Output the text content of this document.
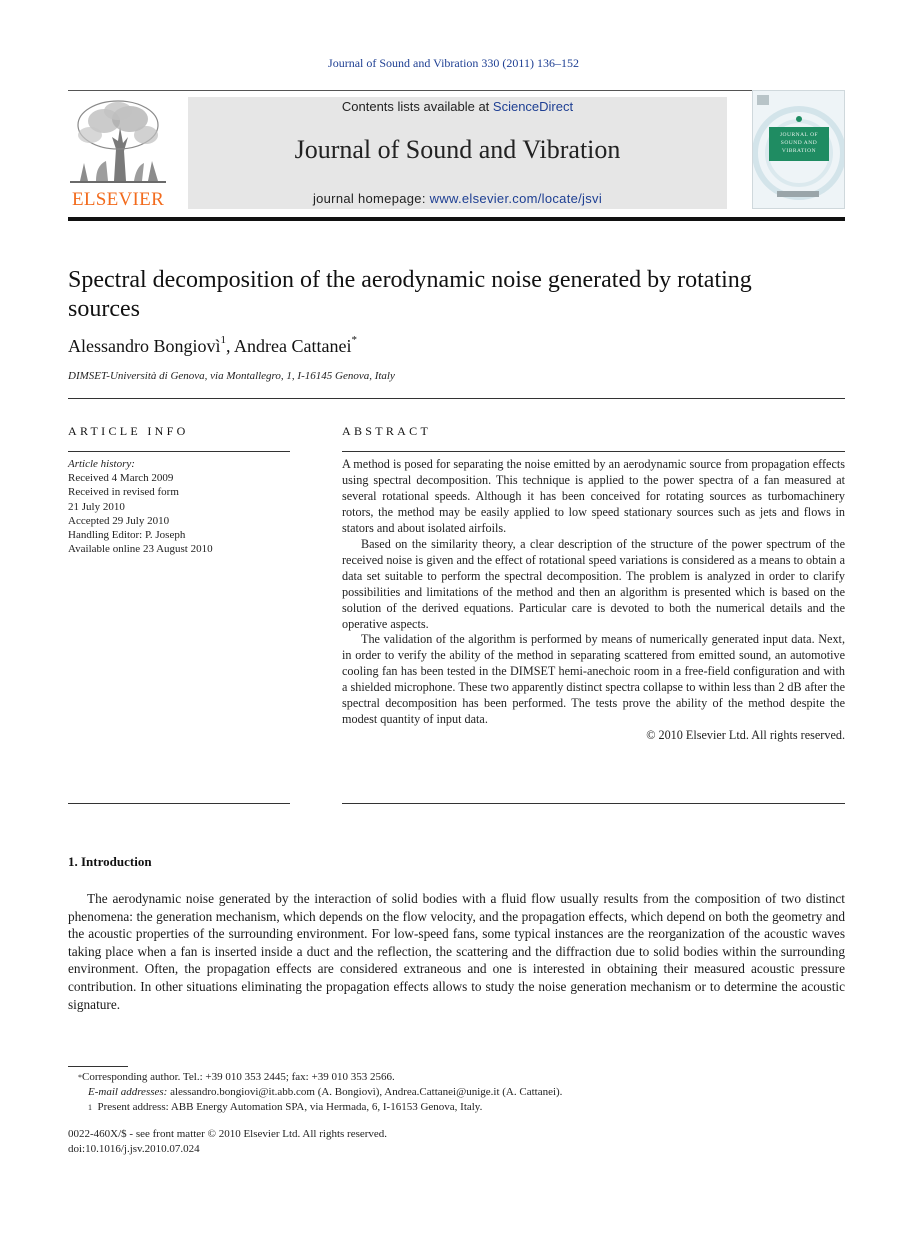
Journal of Sound and Vibration 330 (2011) 136–152
ELSEVIER
Contents lists available at ScienceDirect
Journal of Sound and Vibration
journal homepage: www.elsevier.com/locate/jsvi
JOURNAL OF SOUND AND VIBRATION
Spectral decomposition of the aerodynamic noise generated by rotating sources
Alessandro Bongiovì$^1$, Andrea Cattanei*
DIMSET-Università di Genova, via Montallegro, 1, I-16145 Genova, Italy
ARTICLE INFO
Article history:
Received 4 March 2009
Received in revised form
21 July 2010
Accepted 29 July 2010
Handling Editor: P. Joseph
Available online 23 August 2010
ABSTRACT

A method is posed for separating the noise emitted by an aerodynamic source from propagation effects using spectral decomposition. This technique is applied to the power spectra of a fan measured at several rotational speeds. Although it has been conceived for rotating sources as turbomachinery rotors, the method may be easily applied to low speed stationary sources such as jets and flows in stators and about isolated airfoils.

Based on the similarity theory, a clear description of the structure of the power spectrum of the received noise is given and the effect of rotational speed variations is considered as a means to obtain a data set suitable to perform the spectral decomposition. The problem is analyzed in order to clarify possibilities and limitations of the method and then an algorithm is presented which is based on the solution of the derived equations. Particular care is devoted to both the numerical details and the operative aspects.

The validation of the algorithm is performed by means of numerically generated input data. Next, in order to verify the ability of the method in separating scattered from emitted sound, an automotive cooling fan has been tested in the DIMSET hemi-anechoic room in a free-field configuration and with a shielded microphone. These two apparently distinct spectra collapse to within less than 2 dB after the spectral decomposition has been performed. The tests prove the ability of the method despite the modest quantity of input data.

© 2010 Elsevier Ltd. All rights reserved.
1. Introduction

The aerodynamic noise generated by the interaction of solid bodies with a fluid flow usually results from the composition of two distinct phenomena: the generation mechanism, which depends on the flow velocity, and the propagation effects, which depend on both the geometry and the acoustic properties of the surrounding environment. For low-speed fans, some typical instances are the reorganization of the acoustic waves taking place when a fan is inserted inside a duct and the reflection, the scattering and the diffraction due to solid bodies within the surrounding environment. Often, the propagation effects are considered extraneous and one is interested in obtaining their measured acoustic pressure contribution. In other situations eliminating the propagation effects allows to study the noise generation mechanism or to determine the acoustic signature.

*Corresponding author. Tel.: +39 010 353 2445; fax: +39 010 353 2566.
E-mail addresses: alessandro.bongiovi@it.abb.com (A. Bongiovì), Andrea.Cattanei@unige.it (A. Cattanei).
$^1$ Present address: ABB Energy Automation SPA, via Hermada, 6, I-16153 Genova, Italy.
0022-460X/$ - see front matter © 2010 Elsevier Ltd. All rights reserved.
doi:10.1016/j.jsv.2010.07.024
